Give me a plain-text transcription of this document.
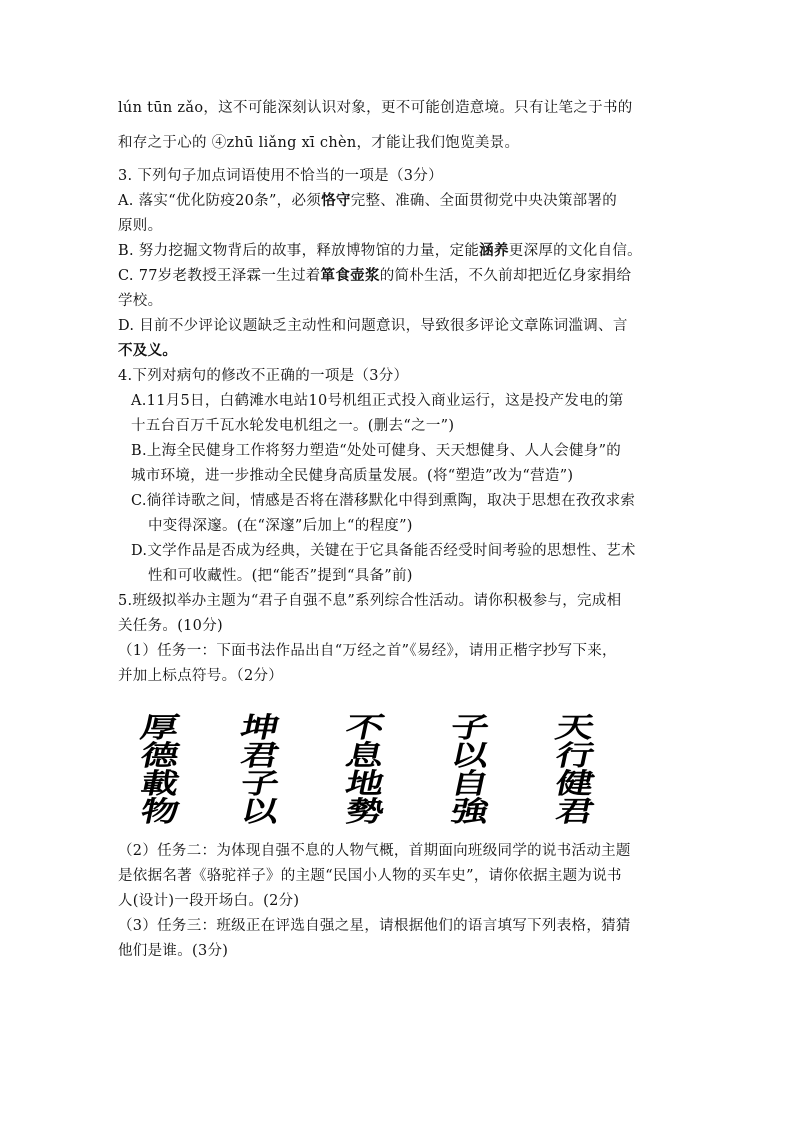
lún tūn zǎo，这不可能深刻认识对象，更不可能创造意境。只有让笔之于书的
和存之于心的 ④zhū liǎng xī chèn，才能让我们饱览美景。
3. 下列句子加点词语使用不恰当的一项是（3分）
A. 落实“优化防疫20条”，必须恪守完整、准确、全面贯彻党中央决策部署的
原则。
B. 努力挖掘文物背后的故事，释放博物馆的力量，定能涵养更深厚的文化自信。
C. 77岁老教授王泽霖一生过着箪食壶浆的简朴生活，不久前却把近亿身家捐给
学校。
D. 目前不少评论议题缺乏主动性和问题意识，导致很多评论文章陈词滥调、言
不及义。
4.下列对病句的修改不正确的一项是（3分）
A.11月5日，白鹤滩水电站10号机组正式投入商业运行，这是投产发电的第
十五台百万千瓦水轮发电机组之一。(删去“之一”)
B.上海全民健身工作将努力塑造“处处可健身、天天想健身、人人会健身”的
城市环境，进一步推动全民健身高质量发展。(将“塑造”改为“营造”)
C.徜徉诗歌之间，情感是否将在潜移默化中得到熏陶，取决于思想在孜孜求索
中变得深邃。(在“深邃”后加上“的程度”)
D.文学作品是否成为经典，关键在于它具备能否经受时间考验的思想性、艺术
性和可收藏性。(把“能否”提到“具备”前)
5.班级拟举办主题为“君子自强不息”系列综合性活动。请你积极参与，完成相
关任务。(10分)
（1）任务一：下面书法作品出自“万经之首”《易经》，请用正楷字抄写下来，
并加上标点符号。（2分）
厚	坤	不	子	天
德	君	息	以	行
載	子	地	自	健
物	以	勢	強	君
（2）任务二：为体现自强不息的人物气概，首期面向班级同学的说书活动主题
是依据名著《骆驼祥子》的主题“民国小人物的买车史”，请你依据主题为说书
人(设计)一段开场白。(2分)
（3）任务三：班级正在评选自强之星，请根据他们的语言填写下列表格，猜猜
他们是谁。(3分)
